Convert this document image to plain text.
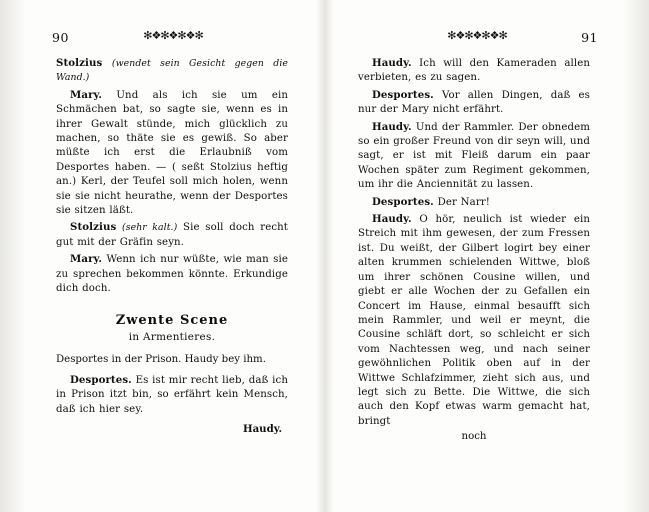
90	✻❖✻❖✻❖✻

Stolzius (wendet sein Gesicht gegen die Wand.)

Mary. Und als ich sie um ein Schmächen bat, so sagte sie, wenn es in ihrer Gewalt stünde, mich glücklich zu machen, so thäte sie es gewiß. So aber müßte ich erst die Erlaubniß vom Desportes haben. — ( seßt Stolzius heftig an.) Kerl, der Teufel soll mich holen, wenn sie sie nicht heurathe, wenn der Desportes sie sitzen läßt.

Stolzius (sehr kalt.) Sie soll doch recht gut mit der Gräfin seyn.

Mary. Wenn ich nur wüßte, wie man sie zu sprechen bekommen könnte. Erkundige dich doch.

Zwente Scene
in Armentieres.

Desportes in der Prison. Haudy bey ihm.

Desportes. Es ist mir recht lieb, daß ich in Prison itzt bin, so erfährt kein Mensch, daß ich hier sey.

Haudy.
✻❖✻❖✻❖✻	91

Haudy. Ich will den Kameraden allen verbieten, es zu sagen.

Desportes. Vor allen Dingen, daß es nur der Mary nicht erfährt.

Haudy. Und der Rammler. Der obnedem so ein großer Freund von dir seyn will, und sagt, er ist mit Fleiß darum ein paar Wochen später zum Regiment gekommen, um ihr die Anciennität zu lassen.

Desportes. Der Narr!

Haudy. O hör, neulich ist wieder ein Streich mit ihm gewesen, der zum Fressen ist. Du weißt, der Gilbert logirt bey einer alten krummen schielenden Wittwe, bloß um ihrer schönen Cousine willen, und giebt er alle Wochen der zu Gefallen ein Concert im Hause, einmal besaufft sich mein Rammler, und weil er meynt, die Cousine schläft dort, so schleicht er sich vom Nachtessen weg, und nach seiner gewöhnlichen Politik oben auf in der Wittwe Schlafzimmer, zieht sich aus, und legt sich zu Bette. Die Wittwe, die sich auch den Kopf etwas warm gemacht hat, bringt

noch
